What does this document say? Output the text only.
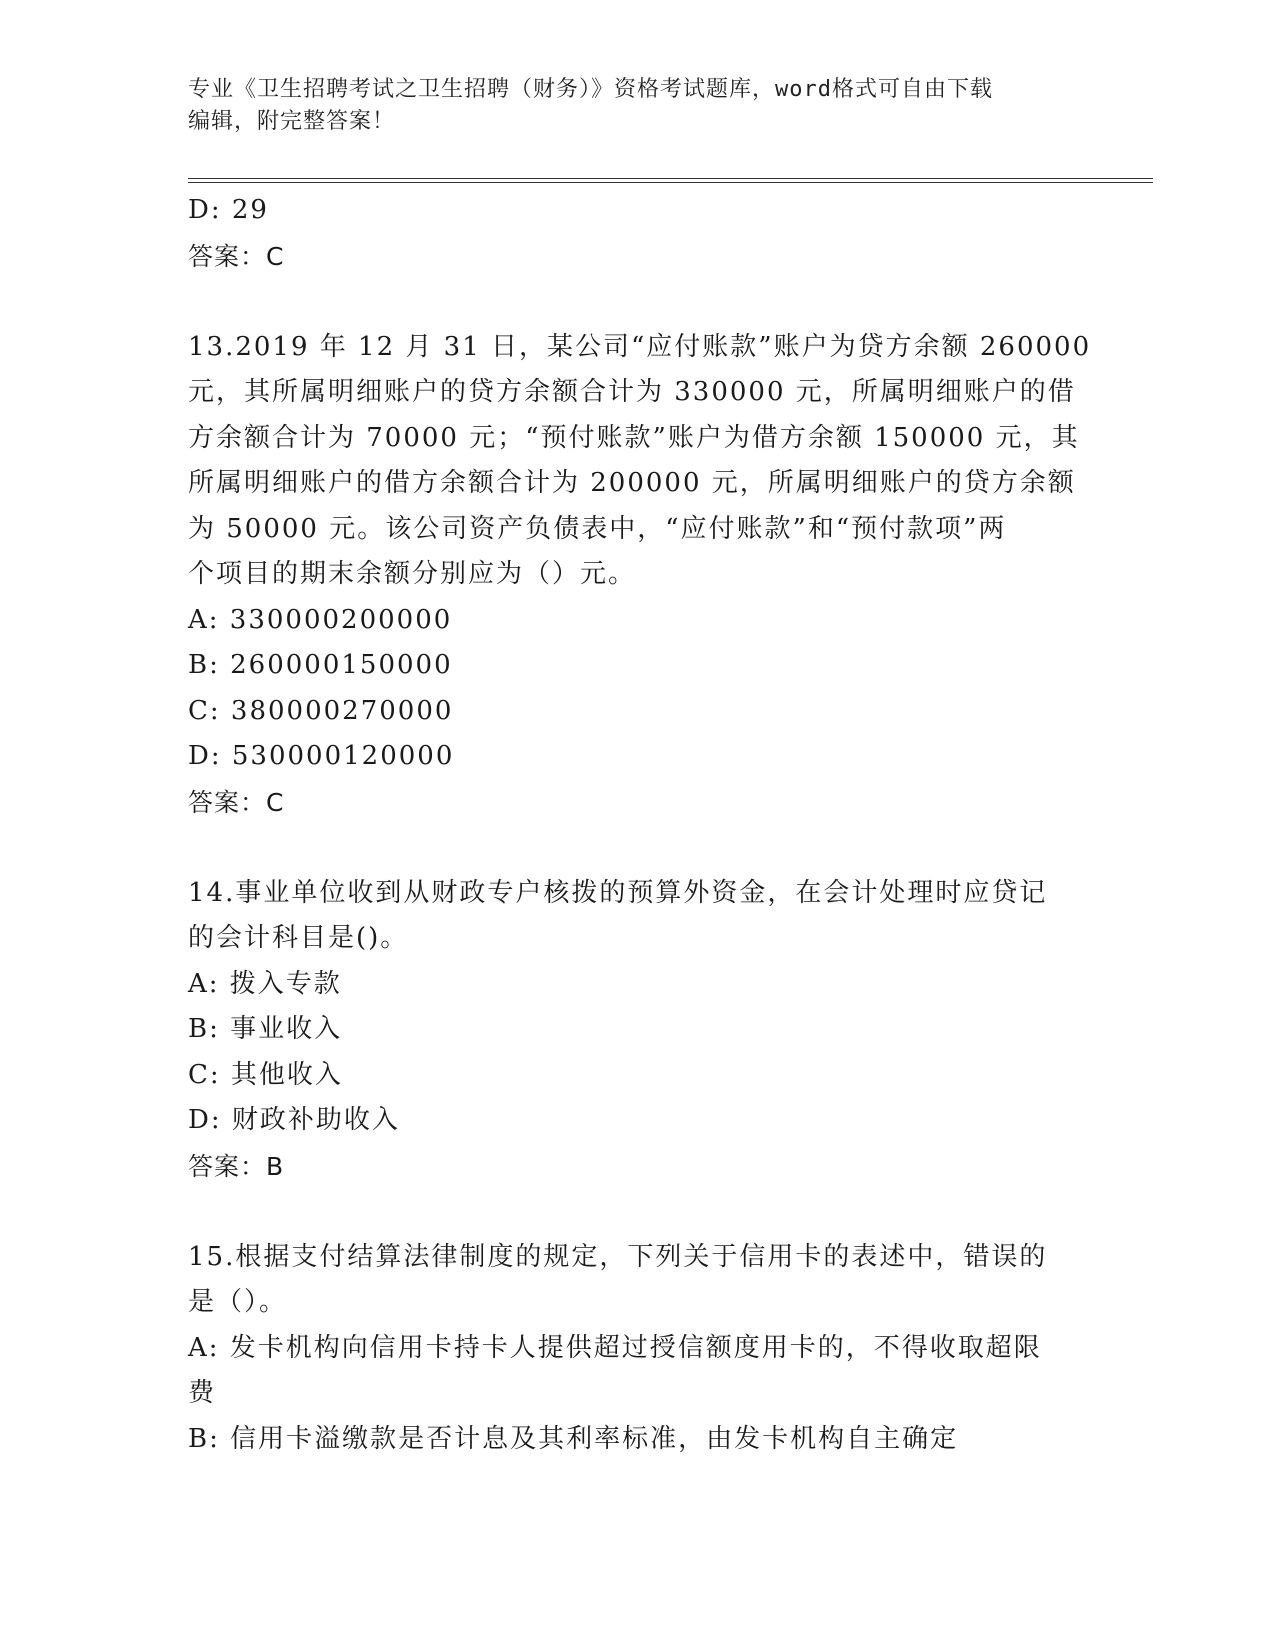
专业《卫生招聘考试之卫生招聘（财务）》资格考试题库，word格式可自由下载
编辑，附完整答案！
D: 29
答案：C
13.2019 年 12 月 31 日，某公司“应付账款”账户为贷方余额 260000
元，其所属明细账户的贷方余额合计为 330000 元，所属明细账户的借
方余额合计为 70000 元；“预付账款”账户为借方余额 150000 元，其
所属明细账户的借方余额合计为 200000 元，所属明细账户的贷方余额
为 50000 元。该公司资产负债表中，“应付账款”和“预付款项”两
个项目的期末余额分别应为（）元。
A: 330000200000
B: 260000150000
C: 380000270000
D: 530000120000
答案：C
14.事业单位收到从财政专户核拨的预算外资金，在会计处理时应贷记
的会计科目是()。
A: 拨入专款
B: 事业收入
C: 其他收入
D: 财政补助收入
答案：B
15.根据支付结算法律制度的规定，下列关于信用卡的表述中，错误的
是（）。
A: 发卡机构向信用卡持卡人提供超过授信额度用卡的，不得收取超限
费
B: 信用卡溢缴款是否计息及其利率标准，由发卡机构自主确定
